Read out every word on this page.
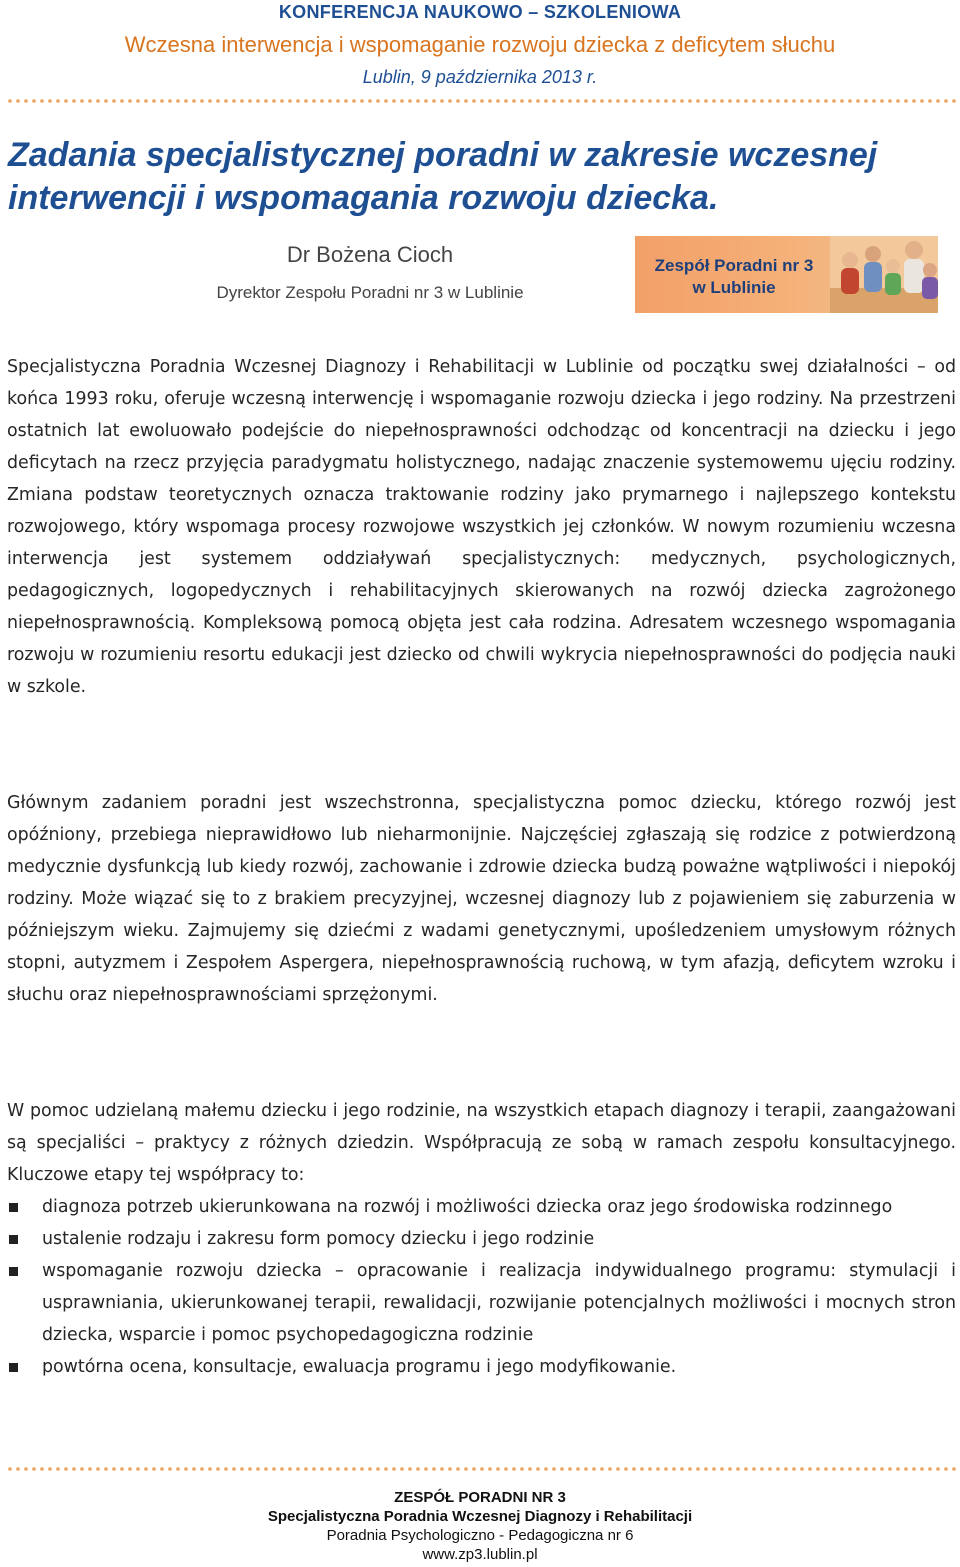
KONFERENCJA NAUKOWO – SZKOLENIOWA
Wczesna interwencja i wspomaganie rozwoju dziecka z deficytem słuchu
Lublin, 9 października 2013 r.
Zadania specjalistycznej poradni w zakresie wczesnej interwencji i wspomagania rozwoju dziecka.
Dr Bożena Cioch
Dyrektor Zespołu Poradni nr 3 w Lublinie
Zespół Poradni nr 3
w Lublinie
Specjalistyczna Poradnia Wczesnej Diagnozy i Rehabilitacji w Lublinie od początku swej działalności – od końca 1993 roku, oferuje wczesną interwencję i wspomaganie rozwoju dziecka i jego rodziny. Na przestrzeni ostatnich lat ewoluowało podejście do niepełnosprawności odchodząc od koncentracji na dziecku i jego deficytach na rzecz przyjęcia paradygmatu holistycznego, nadając znaczenie systemowemu ujęciu rodziny. Zmiana podstaw teoretycznych oznacza traktowanie rodziny jako prymarnego i najlepszego kontekstu rozwojowego, który wspomaga procesy rozwojowe wszystkich jej członków. W nowym rozumieniu wczesna interwencja jest systemem oddziaływań specjalistycznych: medycznych, psychologicznych, pedagogicznych, logopedycznych i rehabilitacyjnych skierowanych na rozwój dziecka zagrożonego niepełnosprawnością. Kompleksową pomocą objęta jest cała rodzina. Adresatem wczesnego wspomagania rozwoju w rozumieniu resortu edukacji jest dziecko od chwili wykrycia niepełnosprawności do podjęcia nauki w szkole.
Głównym zadaniem poradni jest wszechstronna, specjalistyczna pomoc dziecku, którego rozwój jest opóźniony, przebiega nieprawidłowo lub nieharmonijnie. Najczęściej zgłaszają się rodzice z potwierdzoną medycznie dysfunkcją lub kiedy rozwój, zachowanie i zdrowie dziecka budzą poważne wątpliwości i niepokój rodziny. Może wiązać się to z brakiem precyzyjnej, wczesnej diagnozy lub z pojawieniem się zaburzenia w późniejszym wieku. Zajmujemy się dziećmi z wadami genetycznymi, upośledzeniem umysłowym różnych stopni, autyzmem i Zespołem Aspergera, niepełnosprawnością ruchową, w tym afazją, deficytem wzroku i słuchu oraz niepełnosprawnościami sprzężonymi.
W pomoc udzielaną małemu dziecku i jego rodzinie, na wszystkich etapach diagnozy i terapii, zaangażowani są specjaliści – praktycy z różnych dziedzin. Współpracują ze sobą w ramach zespołu konsultacyjnego. Kluczowe etapy tej współpracy to:
diagnoza potrzeb ukierunkowana na rozwój i możliwości dziecka oraz jego środowiska rodzinnego
ustalenie rodzaju i zakresu form pomocy dziecku i jego rodzinie
wspomaganie rozwoju dziecka – opracowanie i realizacja indywidualnego programu: stymulacji i usprawniania, ukierunkowanej terapii, rewalidacji, rozwijanie potencjalnych możliwości i mocnych stron dziecka, wsparcie i pomoc psychopedagogiczna rodzinie
powtórna ocena, konsultacje, ewaluacja programu i jego modyfikowanie.
ZESPÓŁ PORADNI NR 3
Specjalistyczna Poradnia Wczesnej Diagnozy i Rehabilitacji
Poradnia Psychologiczno - Pedagogiczna nr 6
www.zp3.lublin.pl
